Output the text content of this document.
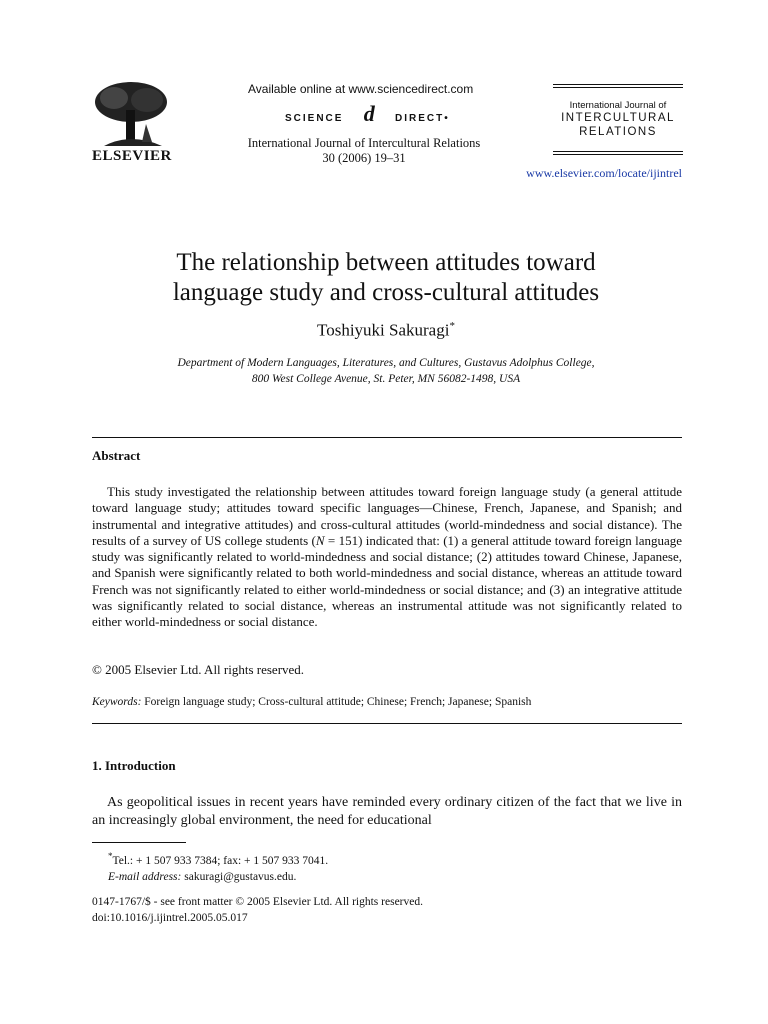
ELSEVIER
Available online at www.sciencedirect.com
SCIENCE d DIRECT•
International Journal of Intercultural Relations
30 (2006) 19–31
International Journal of
INTERCULTURAL
RELATIONS
www.elsevier.com/locate/ijintrel
The relationship between attitudes toward
language study and cross-cultural attitudes
Toshiyuki Sakuragi*
Department of Modern Languages, Literatures, and Cultures, Gustavus Adolphus College,
800 West College Avenue, St. Peter, MN 56082-1498, USA
Abstract
This study investigated the relationship between attitudes toward foreign language study (a general attitude toward language study; attitudes toward specific languages—Chinese, French, Japanese, and Spanish; and instrumental and integrative attitudes) and cross-cultural attitudes (world-mindedness and social distance). The results of a survey of US college students (N = 151) indicated that: (1) a general attitude toward foreign language study was significantly related to world-mindedness and social distance; (2) attitudes toward Chinese, Japanese, and Spanish were significantly related to both world-mindedness and social distance, whereas an attitude toward French was not significantly related to either world-mindedness or social distance; and (3) an integrative attitude was significantly related to social distance, whereas an instrumental attitude was not significantly related to either world-mindedness or social distance.
© 2005 Elsevier Ltd. All rights reserved.
Keywords: Foreign language study; Cross-cultural attitude; Chinese; French; Japanese; Spanish
1. Introduction
As geopolitical issues in recent years have reminded every ordinary citizen of the fact that we live in an increasingly global environment, the need for educational
*Tel.: + 1 507 933 7384; fax: + 1 507 933 7041.
E-mail address: sakuragi@gustavus.edu.
0147-1767/$ - see front matter © 2005 Elsevier Ltd. All rights reserved.
doi:10.1016/j.ijintrel.2005.05.017
